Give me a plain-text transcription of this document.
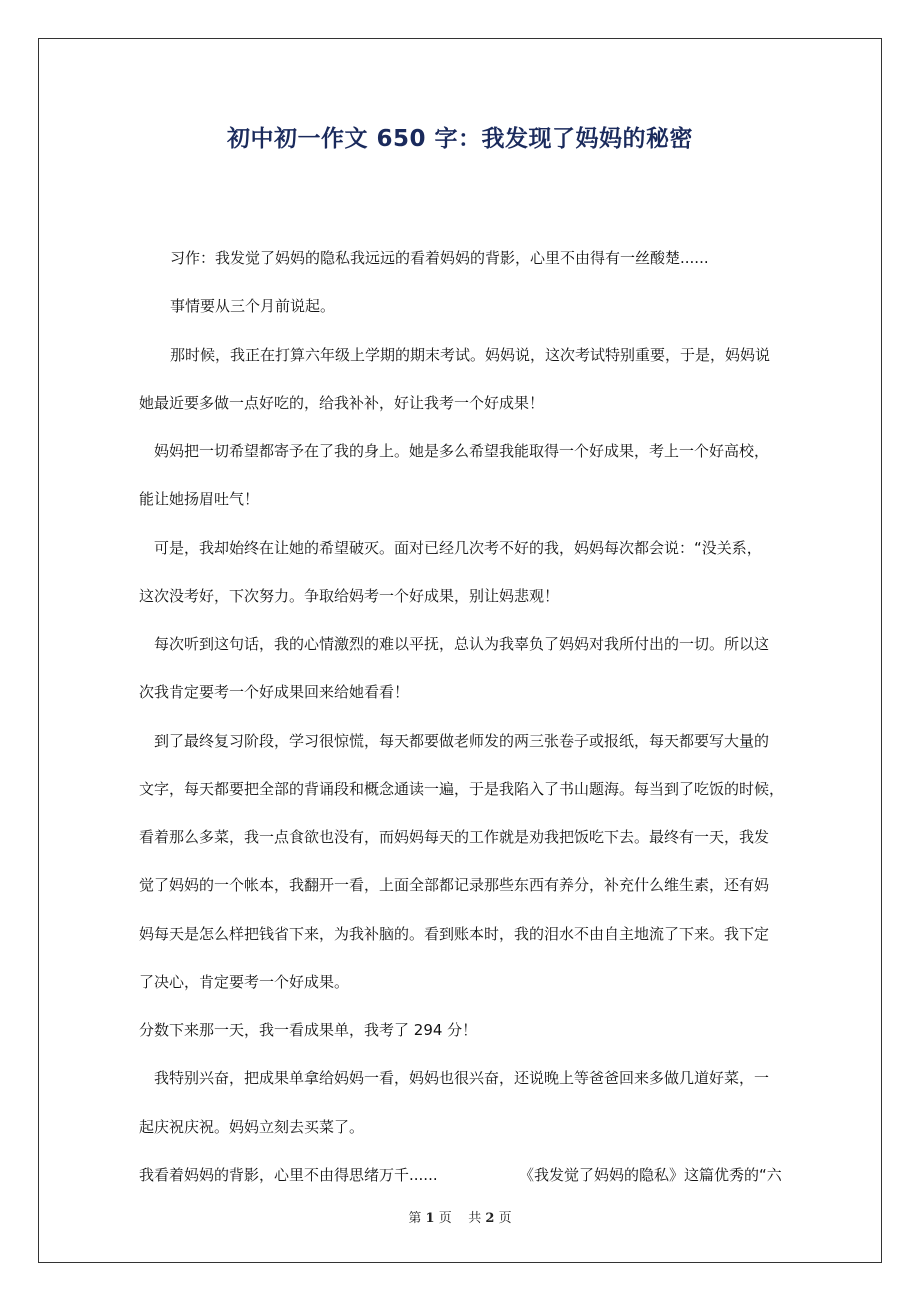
初中初一作文 650 字：我发现了妈妈的秘密
习作：我发觉了妈妈的隐私我远远的看着妈妈的背影，心里不由得有一丝酸楚......
事情要从三个月前说起。
那时候，我正在打算六年级上学期的期末考试。妈妈说，这次考试特别重要，于是，妈妈说
她最近要多做一点好吃的，给我补补，好让我考一个好成果！
妈妈把一切希望都寄予在了我的身上。她是多么希望我能取得一个好成果，考上一个好高校，
能让她扬眉吐气！
可是，我却始终在让她的希望破灭。面对已经几次考不好的我，妈妈每次都会说：“没关系，
这次没考好，下次努力。争取给妈考一个好成果，别让妈悲观！
每次听到这句话，我的心情激烈的难以平抚，总认为我辜负了妈妈对我所付出的一切。所以这
次我肯定要考一个好成果回来给她看看！
到了最终复习阶段，学习很惊慌，每天都要做老师发的两三张卷子或报纸，每天都要写大量的
文字，每天都要把全部的背诵段和概念通读一遍，于是我陷入了书山题海。每当到了吃饭的时候，
看着那么多菜，我一点食欲也没有，而妈妈每天的工作就是劝我把饭吃下去。最终有一天，我发
觉了妈妈的一个帐本，我翻开一看，上面全部都记录那些东西有养分，补充什么维生素，还有妈
妈每天是怎么样把钱省下来，为我补脑的。看到账本时，我的泪水不由自主地流了下来。我下定
了决心，肯定要考一个好成果。
分数下来那一天，我一看成果单，我考了 294 分！
我特别兴奋，把成果单拿给妈妈一看，妈妈也很兴奋，还说晚上等爸爸回来多做几道好菜，一
起庆祝庆祝。妈妈立刻去买菜了。
我看着妈妈的背影，心里不由得思绪万千......	《我发觉了妈妈的隐私》这篇优秀的“六
第 1 页    共 2 页
